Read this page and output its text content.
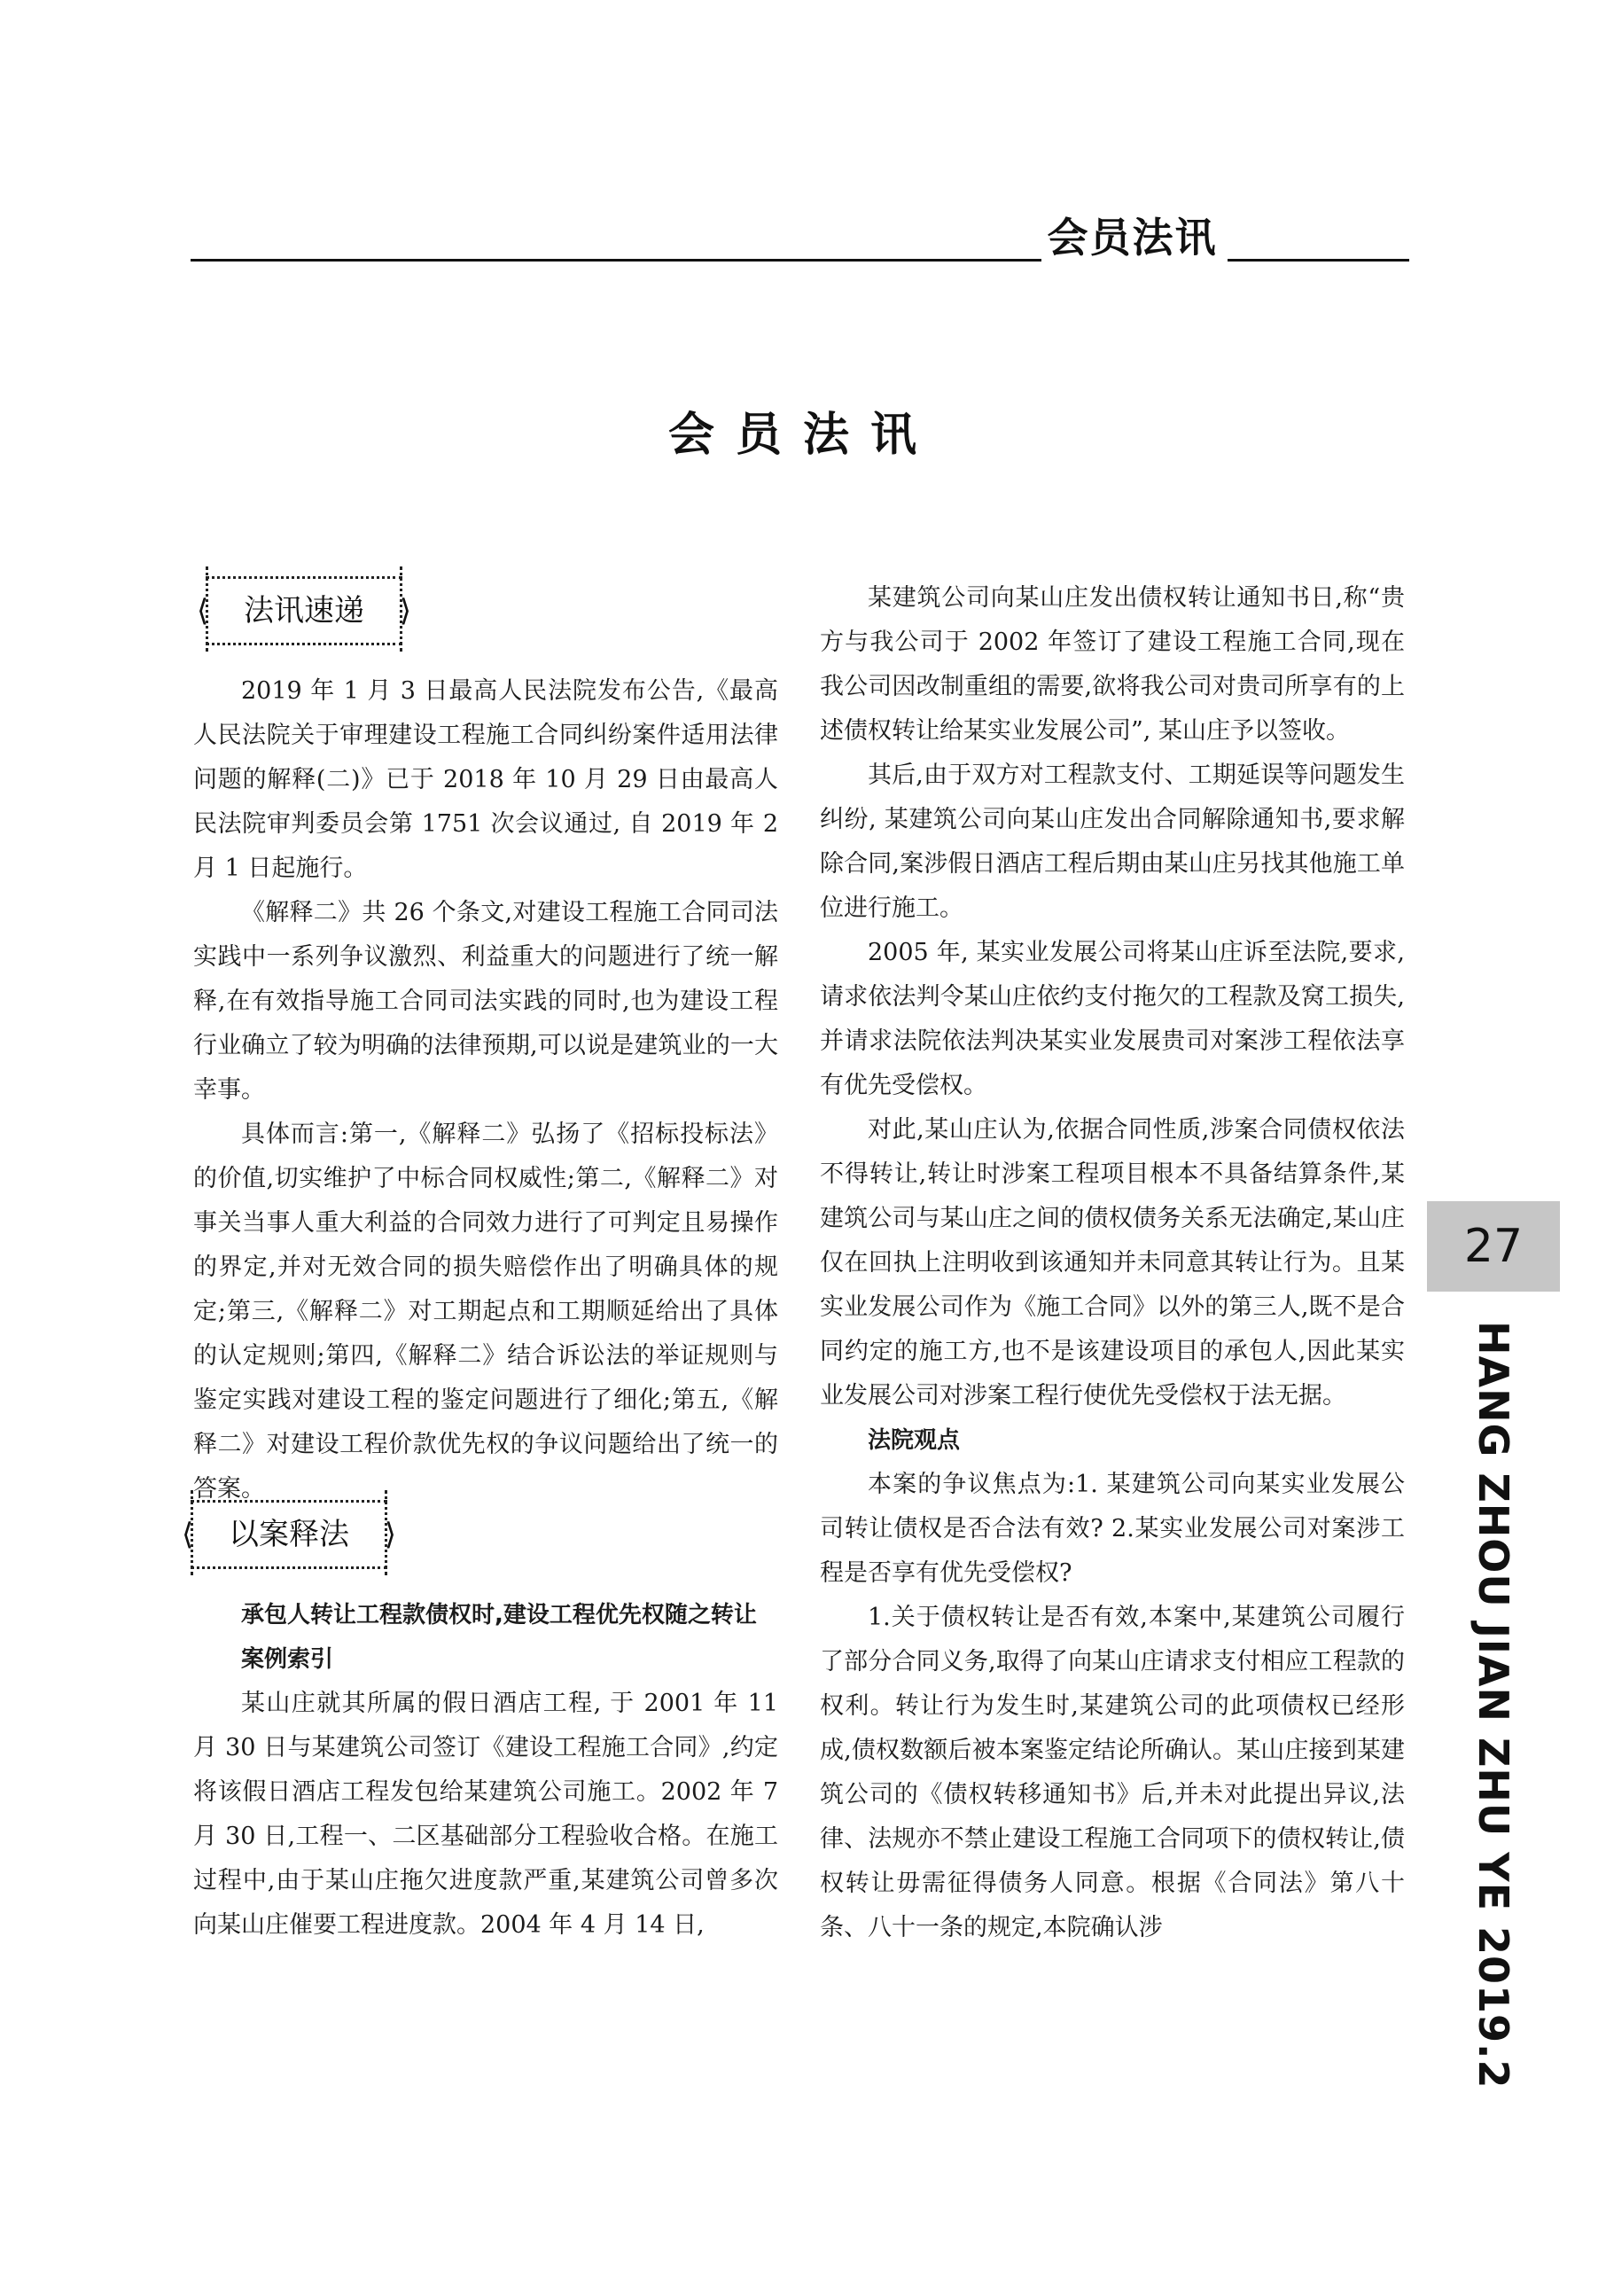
会员法讯
会员法讯
⟨ 法讯速递 ⟩

2019 年 1 月 3 日最高人民法院发布公告,《最高人民法院关于审理建设工程施工合同纠纷案件适用法律问题的解释(二)》已于 2018 年 10 月 29 日由最高人民法院审判委员会第 1751 次会议通过, 自 2019 年 2 月 1 日起施行。

《解释二》共 26 个条文,对建设工程施工合同司法实践中一系列争议激烈、利益重大的问题进行了统一解释,在有效指导施工合同司法实践的同时,也为建设工程行业确立了较为明确的法律预期,可以说是建筑业的一大幸事。

具体而言:第一,《解释二》弘扬了《招标投标法》的价值,切实维护了中标合同权威性;第二,《解释二》对事关当事人重大利益的合同效力进行了可判定且易操作的界定,并对无效合同的损失赔偿作出了明确具体的规定;第三,《解释二》对工期起点和工期顺延给出了具体的认定规则;第四,《解释二》结合诉讼法的举证规则与鉴定实践对建设工程的鉴定问题进行了细化;第五,《解释二》对建设工程价款优先权的争议问题给出了统一的答案。

⟨ 以案释法 ⟩

承包人转让工程款债权时,建设工程优先权随之转让

案例索引

某山庄就其所属的假日酒店工程, 于 2001 年 11 月 30 日与某建筑公司签订《建设工程施工合同》,约定将该假日酒店工程发包给某建筑公司施工。2002 年 7 月 30 日,工程一、二区基础部分工程验收合格。在施工过程中,由于某山庄拖欠进度款严重,某建筑公司曾多次向某山庄催要工程进度款。2004 年 4 月 14 日,

某建筑公司向某山庄发出债权转让通知书日,称“贵方与我公司于 2002 年签订了建设工程施工合同,现在我公司因改制重组的需要,欲将我公司对贵司所享有的上述债权转让给某实业发展公司”, 某山庄予以签收。

其后,由于双方对工程款支付、工期延误等问题发生纠纷, 某建筑公司向某山庄发出合同解除通知书,要求解除合同,案涉假日酒店工程后期由某山庄另找其他施工单位进行施工。

2005 年, 某实业发展公司将某山庄诉至法院,要求,请求依法判令某山庄依约支付拖欠的工程款及窝工损失,并请求法院依法判决某实业发展贵司对案涉工程依法享有优先受偿权。

对此,某山庄认为,依据合同性质,涉案合同债权依法不得转让,转让时涉案工程项目根本不具备结算条件,某建筑公司与某山庄之间的债权债务关系无法确定,某山庄仅在回执上注明收到该通知并未同意其转让行为。且某实业发展公司作为《施工合同》以外的第三人,既不是合同约定的施工方,也不是该建设项目的承包人,因此某实业发展公司对涉案工程行使优先受偿权于法无据。

法院观点

本案的争议焦点为:1. 某建筑公司向某实业发展公司转让债权是否合法有效? 2.某实业发展公司对案涉工程是否享有优先受偿权?

1.关于债权转让是否有效,本案中,某建筑公司履行了部分合同义务,取得了向某山庄请求支付相应工程款的权利。转让行为发生时,某建筑公司的此项债权已经形成,债权数额后被本案鉴定结论所确认。某山庄接到某建筑公司的《债权转移通知书》后,并未对此提出异议,法律、法规亦不禁止建设工程施工合同项下的债权转让,债权转让毋需征得债务人同意。根据《合同法》第八十条、八十一条的规定,本院确认涉

27
HANG ZHOU JIAN ZHU YE 2019.2
